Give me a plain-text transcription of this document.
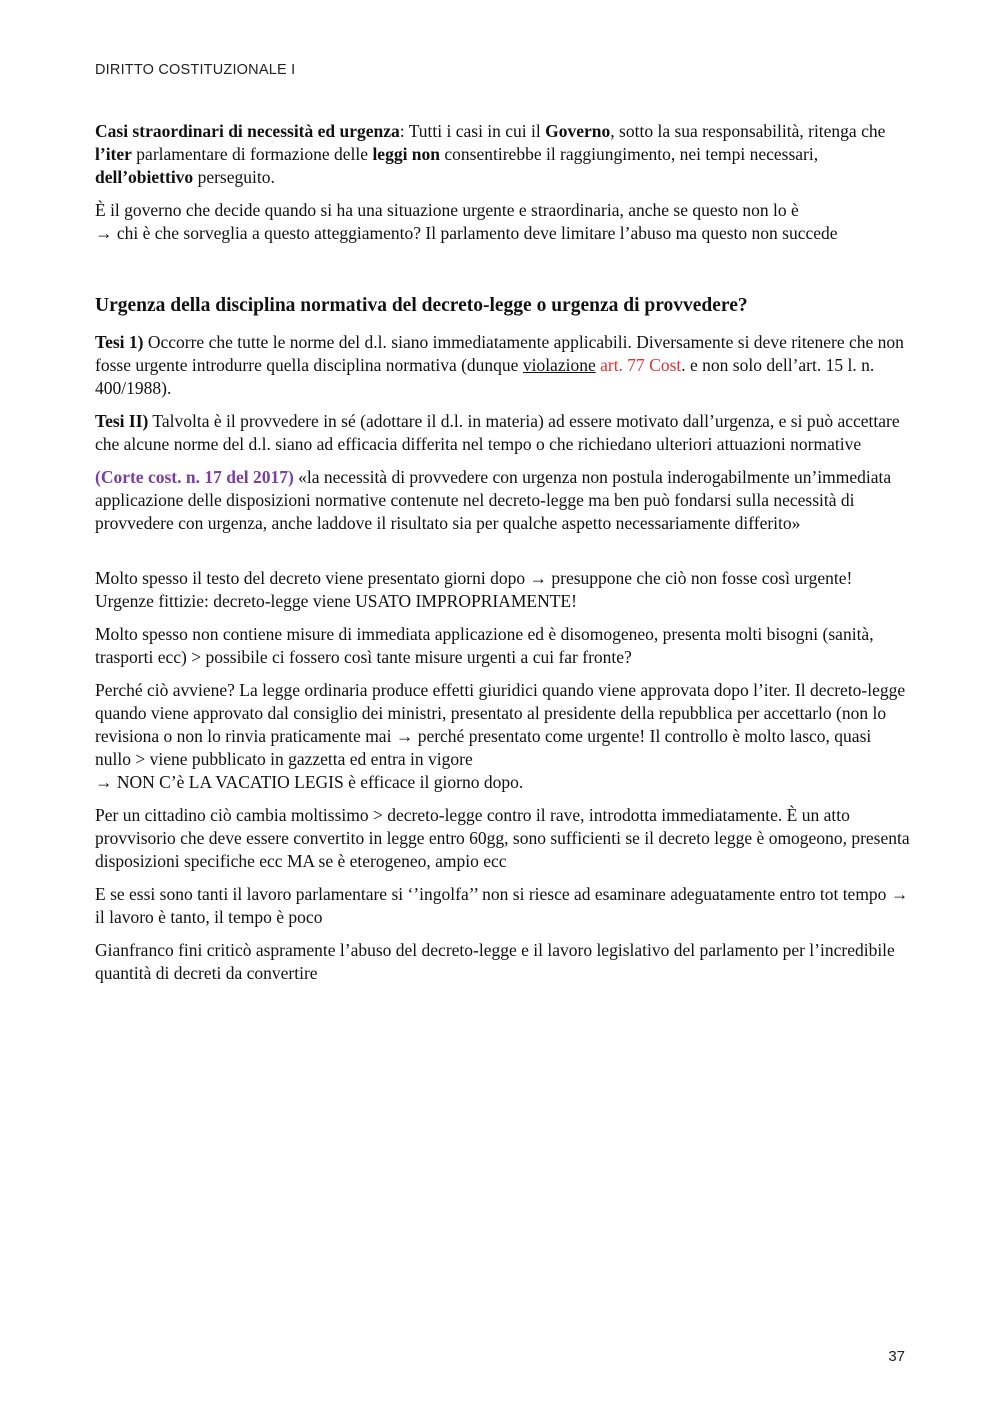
DIRITTO COSTITUZIONALE I

Casi straordinari di necessità ed urgenza: Tutti i casi in cui il Governo, sotto la sua responsabilità, ritenga che l’iter parlamentare di formazione delle leggi non consentirebbe il raggiungimento, nei tempi necessari, dell’obiettivo perseguito.

È il governo che decide quando si ha una situazione urgente e straordinaria, anche se questo non lo è
→ chi è che sorveglia a questo atteggiamento? Il parlamento deve limitare l’abuso ma questo non succede

Urgenza della disciplina normativa del decreto-legge o urgenza di provvedere?

Tesi 1) Occorre che tutte le norme del d.l. siano immediatamente applicabili. Diversamente si deve ritenere che non fosse urgente introdurre quella disciplina normativa (dunque violazione art. 77 Cost. e non solo dell’art. 15 l. n. 400/1988).

Tesi II) Talvolta è il provvedere in sé (adottare il d.l. in materia) ad essere motivato dall’urgenza, e si può accettare che alcune norme del d.l. siano ad efficacia differita nel tempo o che richiedano ulteriori attuazioni normative

(Corte cost. n. 17 del 2017) «la necessità di provvedere con urgenza non postula inderogabilmente un’immediata applicazione delle disposizioni normative contenute nel decreto-legge ma ben può fondarsi sulla necessità di provvedere con urgenza, anche laddove il risultato sia per qualche aspetto necessariamente differito»

Molto spesso il testo del decreto viene presentato giorni dopo → presuppone che ciò non fosse così urgente! Urgenze fittizie: decreto-legge viene USATO IMPROPRIAMENTE!

Molto spesso non contiene misure di immediata applicazione ed è disomogeneo, presenta molti bisogni (sanità, trasporti ecc) > possibile ci fossero così tante misure urgenti a cui far fronte?

Perché ciò avviene? La legge ordinaria produce effetti giuridici quando viene approvata dopo l’iter. Il decreto-legge quando viene approvato dal consiglio dei ministri, presentato al presidente della repubblica per accettarlo (non lo revisiona o non lo rinvia praticamente mai → perché presentato come urgente! Il controllo è molto lasco, quasi nullo > viene pubblicato in gazzetta ed entra in vigore
→ NON C’è LA VACATIO LEGIS è efficace il giorno dopo.

Per un cittadino ciò cambia moltissimo > decreto-legge contro il rave, introdotta immediatamente. È un atto provvisorio che deve essere convertito in legge entro 60gg, sono sufficienti se il decreto legge è omogeono, presenta disposizioni specifiche ecc MA se è eterogeneo, ampio ecc

E se essi sono tanti il lavoro parlamentare si ‘’ingolfa’’ non si riesce ad esaminare adeguatamente entro tot tempo → il lavoro è tanto, il tempo è poco

Gianfranco fini criticò aspramente l’abuso del decreto-legge e il lavoro legislativo del parlamento per l’incredibile quantità di decreti da convertire

37
